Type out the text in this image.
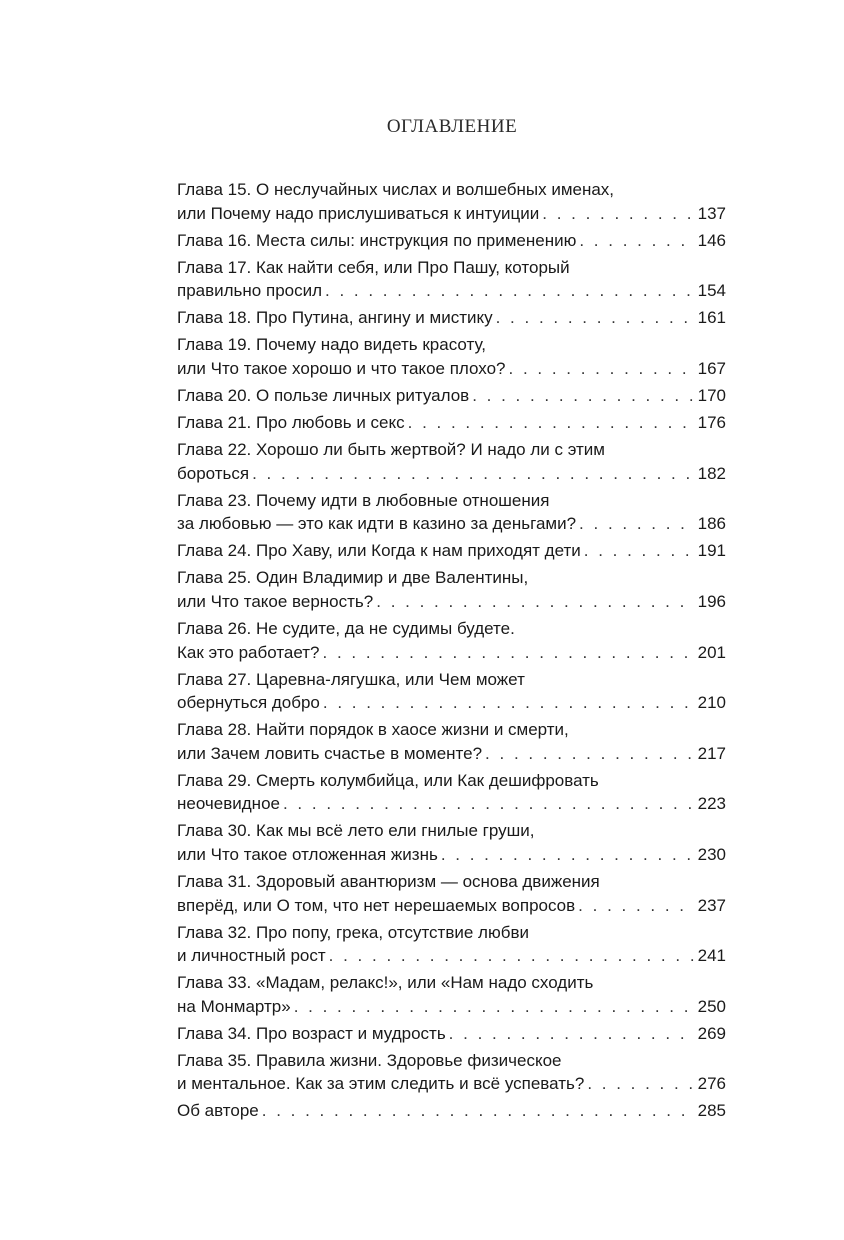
ОГЛАВЛЕНИЕ
Глава 15. О неслучайных числах и волшебных именах,
или Почему надо прислушиваться к интуиции . . .	137
Глава 16. Места силы: инструкция по применению . . .	146
Глава 17. Как найти себя, или Про Пашу, который
правильно просил . . .	154
Глава 18. Про Путина, ангину и мистику . . .	161
Глава 19. Почему надо видеть красоту,
или Что такое хорошо и что такое плохо? . . .	167
Глава 20. О пользе личных ритуалов . . .	170
Глава 21. Про любовь и секс . . .	176
Глава 22. Хорошо ли быть жертвой? И надо ли с этим
бороться . . .	182
Глава 23. Почему идти в любовные отношения
за любовью — это как идти в казино за деньгами? . . .	186
Глава 24. Про Хаву, или Когда к нам приходят дети . . .	191
Глава 25. Один Владимир и две Валентины,
или Что такое верность? . . .	196
Глава 26. Не судите, да не судимы будете.
Как это работает? . . .	201
Глава 27. Царевна-лягушка, или Чем может
обернуться добро . . .	210
Глава 28. Найти порядок в хаосе жизни и смерти,
или Зачем ловить счастье в моменте? . . .	217
Глава 29. Смерть колумбийца, или Как дешифровать
неочевидное . . .	223
Глава 30. Как мы всё лето ели гнилые груши,
или Что такое отложенная жизнь . . .	230
Глава 31. Здоровый авантюризм — основа движения
вперёд, или О том, что нет нерешаемых вопросов . . .	237
Глава 32. Про попу, грека, отсутствие любви
и личностный рост . . .	241
Глава 33. «Мадам, релакс!», или «Нам надо сходить
на Монмартр» . . .	250
Глава 34. Про возраст и мудрость . . .	269
Глава 35. Правила жизни. Здоровье физическое
и ментальное. Как за этим следить и всё успевать? . . .	276
Об авторе . . .	285
